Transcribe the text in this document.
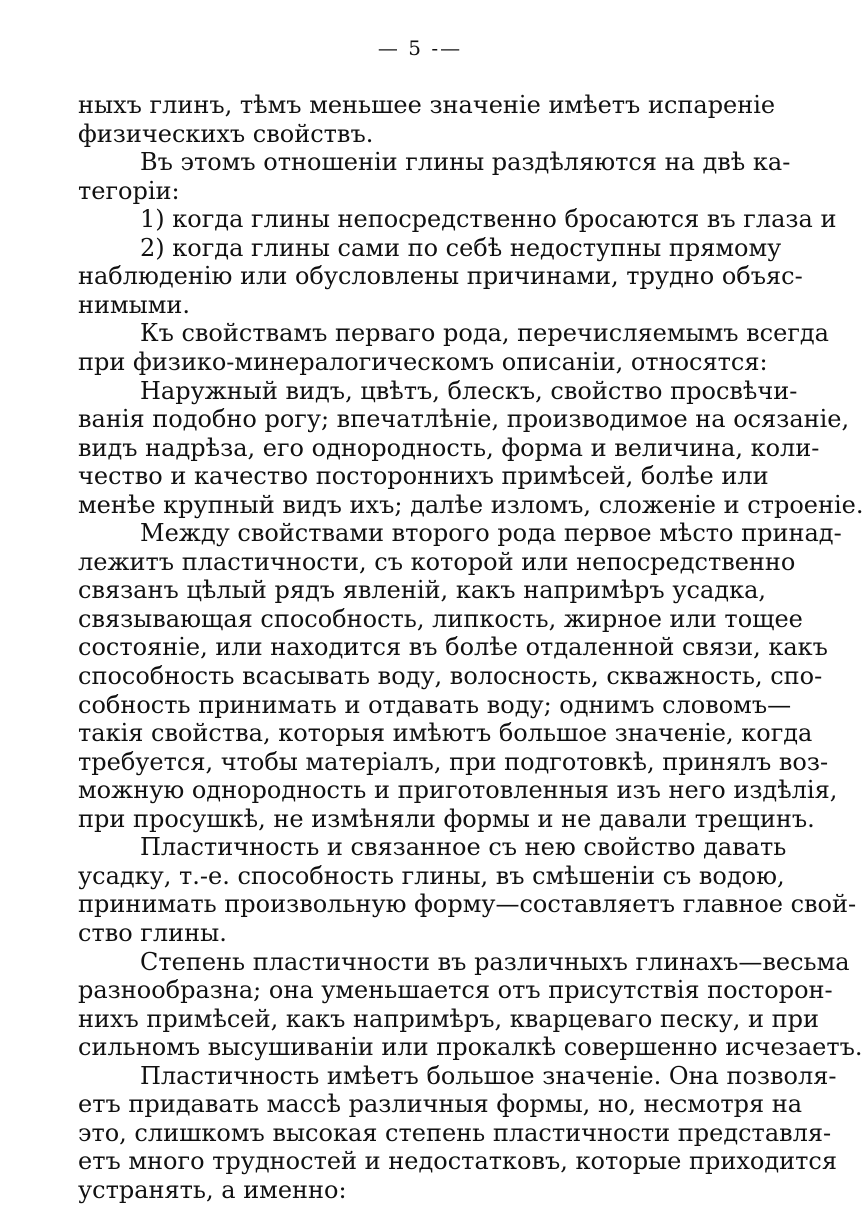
— 5 -—
ныхъ глинъ, тѣмъ меньшее значеніе имѣетъ испареніе
физическихъ свойствъ.
Въ этомъ отношеніи глины раздѣляются на двѣ ка-
тегоріи:
1) когда глины непосредственно бросаются въ глаза и
2) когда глины сами по себѣ недоступны прямому
наблюденію или обусловлены причинами, трудно объяс-
нимыми.
Къ свойствамъ перваго рода, перечисляемымъ всегда
при физико-минералогическомъ описаніи, относятся:
Наружный видъ, цвѣтъ, блескъ, свойство просвѣчи-
ванія подобно рогу; впечатлѣніе, производимое на осязаніе,
видъ надрѣза, его однородность, форма и величина, коли-
чество и качество посторонниxъ примѣсей, болѣе или
менѣе крупный видъ ихъ; далѣе изломъ, сложеніе и строеніе.
Между свойствами второго рода первое мѣсто принад-
лежитъ пластичности, съ которой или непосредственно
связанъ цѣлый рядъ явленій, какъ напримѣръ усадка,
связывающая способность, липкость, жирное или тощее
состояніе, или находится въ болѣе отдаленной связи, какъ
способность всасывать воду, волосность, скважность, спо-
собность принимать и отдавать воду; однимъ словомъ—
такія свойства, которыя имѣютъ большое значеніе, когда
требуется, чтобы матеріалъ, при подготовкѣ, принялъ воз-
можную однородность и приготовленныя изъ него издѣлія,
при просушкѣ, не измѣняли формы и не давали трещинъ.
Пластичность и связанное съ нею свойство давать
усадку, т.-е. способность глины, въ смѣшеніи съ водою,
принимать произвольную форму—составляетъ главное свой-
ство глины.
Степень пластичности въ различныхъ глинахъ—весьма
разнообразна; она уменьшается отъ присутствія посторон-
нихъ примѣсей, какъ напримѣръ, кварцеваго песку, и при
сильномъ высушиваніи или прокалкѣ совершенно исчезаетъ.
Пластичность имѣетъ большое значеніе. Она позволя-
етъ придавать массѣ различныя формы, но, несмотря на
это, слишкомъ высокая степень пластичности представля-
етъ много трудностей и недостатковъ, которые приходится
устранять, а именно:
